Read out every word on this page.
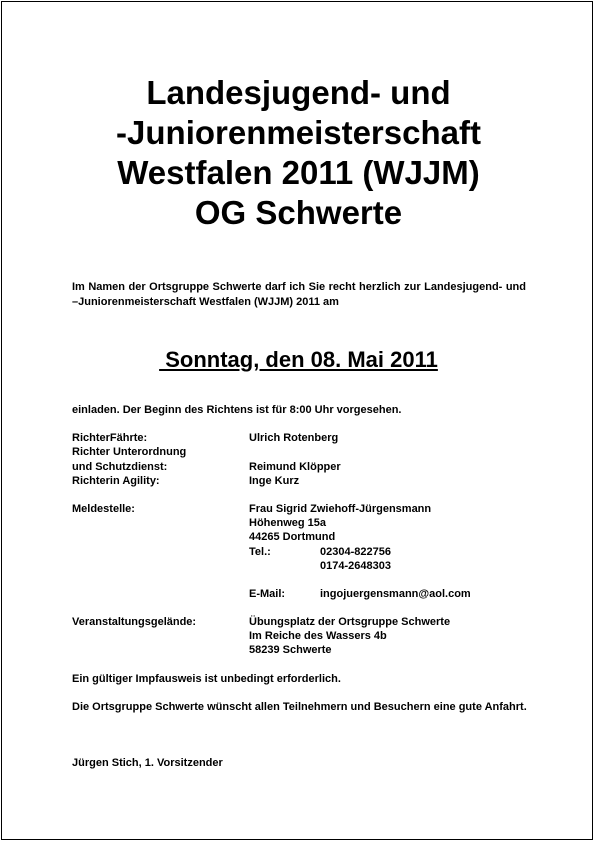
Landesjugend- und
-Juniorenmeisterschaft
Westfalen 2011 (WJJM)
OG Schwerte
Im Namen der Ortsgruppe Schwerte darf ich Sie recht herzlich zur Landesjugend- und –Juniorenmeisterschaft Westfalen (WJJM) 2011 am
Sonntag, den 08. Mai 2011
einladen. Der Beginn des Richtens ist für 8:00 Uhr vorgesehen.
RichterFährte:	Ulrich Rotenberg
Richter Unterordnung
und Schutzdienst:	Reimund Klöpper
Richterin Agility:	Inge Kurz
Meldestelle:	Frau Sigrid Zwiehoff-Jürgensmann
Höhenweg 15a
44265 Dortmund
Tel.:	02304-822756
0174-2648303
E-Mail:	ingojuergensmann@aol.com
Veranstaltungsgelände:	Übungsplatz der Ortsgruppe Schwerte
Im Reiche des Wassers 4b
58239 Schwerte
Ein gültiger Impfausweis ist unbedingt erforderlich.
Die Ortsgruppe Schwerte wünscht allen Teilnehmern und Besuchern eine gute Anfahrt.
Jürgen Stich, 1. Vorsitzender
